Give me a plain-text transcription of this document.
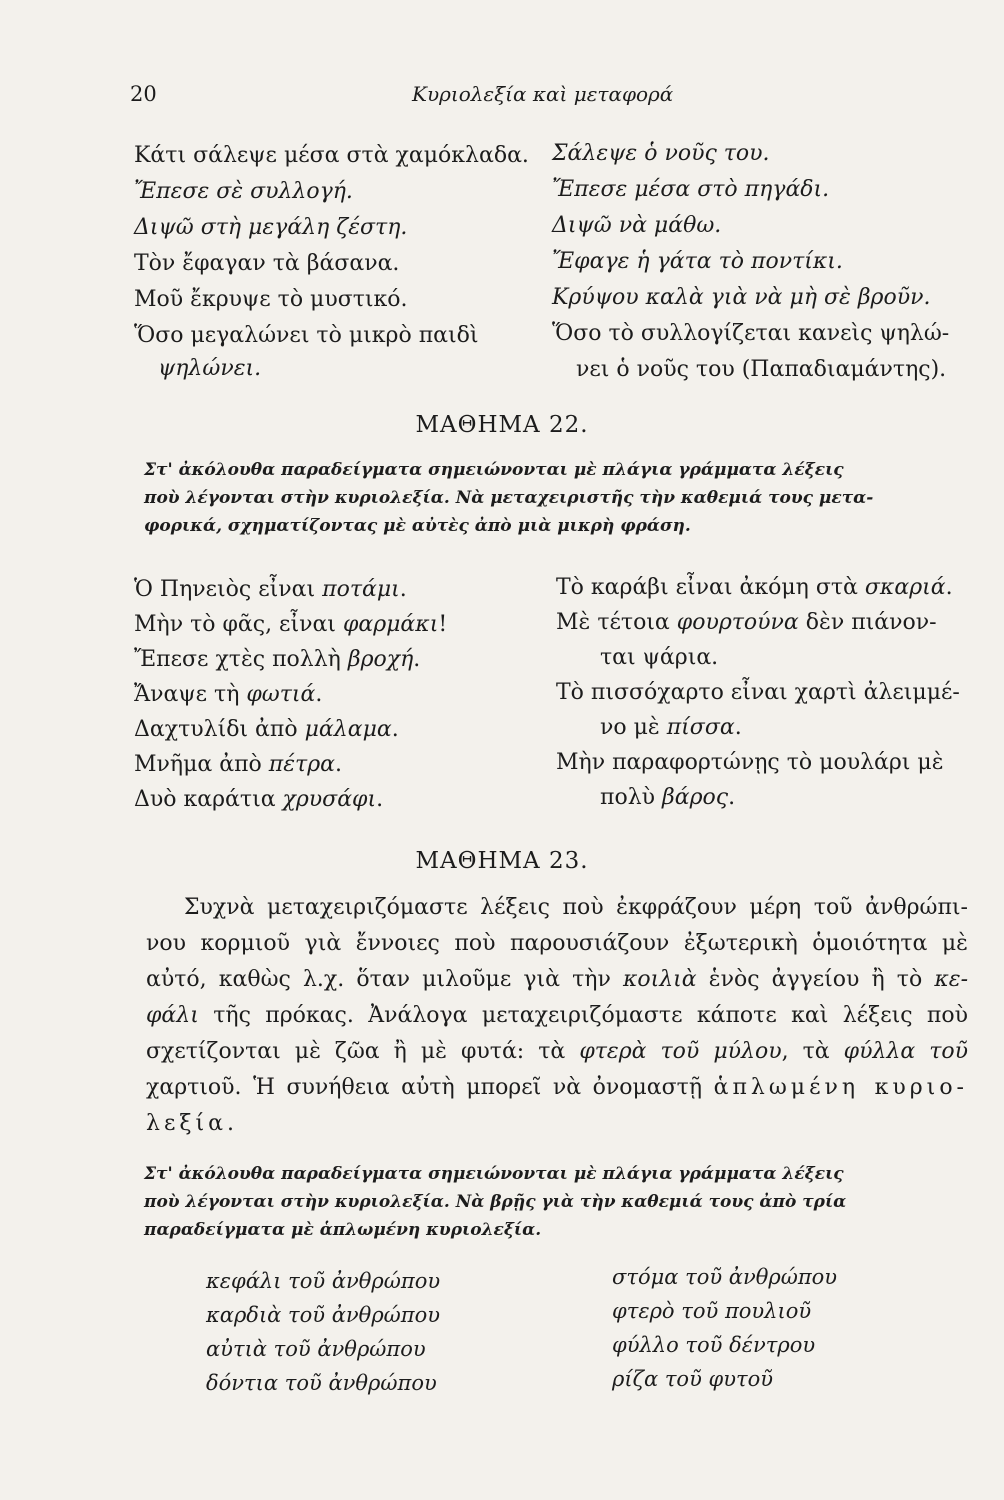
20	Κυριολεξία καὶ μεταφορά
Κάτι σάλεψε μέσα στὰ χαμόκλαδα.
Ἔπεσε σὲ συλλογή.
Διψῶ στὴ μεγάλη ζέστη.
Τὸν ἔφαγαν τὰ βάσανα.
Μοῦ ἔκρυψε τὸ μυστικό.
Ὅσο μεγαλώνει τὸ μικρὸ παιδὶ
ψηλώνει.
Σάλεψε ὁ νοῦς του.
Ἔπεσε μέσα στὸ πηγάδι.
Διψῶ νὰ μάθω.
Ἔφαγε ἡ γάτα τὸ ποντίκι.
Κρύψου καλὰ γιὰ νὰ μὴ σὲ βροῦν.
Ὅσο τὸ συλλογίζεται κανεὶς ψηλώ-
νει ὁ νοῦς του (Παπαδιαμάντης).
ΜΑΘΗΜΑ 22.
Στ' ἀκόλουθα παραδείγματα σημειώνονται μὲ πλάγια γράμματα λέξεις
ποὺ λέγονται στὴν κυριολεξία. Νὰ μεταχειριστῆς τὴν καθεμιά τους μετα-
φορικά, σχηματίζοντας μὲ αὐτὲς ἀπὸ μιὰ μικρὴ φράση.
Ὁ Πηνειὸς εἶναι ποτάμι.
Μὴν τὸ φᾶς, εἶναι φαρμάκι!
Ἔπεσε χτὲς πολλὴ βροχή.
Ἄναψε τὴ φωτιά.
Δαχτυλίδι ἀπὸ μάλαμα.
Μνῆμα ἀπὸ πέτρα.
Δυὸ καράτια χρυσάφι.
Τὸ καράβι εἶναι ἀκόμη στὰ σκαριά.
Μὲ τέτοια φουρτούνα δὲν πιάνον-
ται ψάρια.
Τὸ πισσόχαρτο εἶναι χαρτὶ ἀλειμμέ-
νο μὲ πίσσα.
Μὴν παραφορτώνῃς τὸ μουλάρι μὲ
πολὺ βάρος.
ΜΑΘΗΜΑ 23.
Συχνὰ μεταχειριζόμαστε λέξεις ποὺ ἐκφράζουν μέρη τοῦ ἀνθρώπι-
νου κορμιοῦ γιὰ ἔννοιες ποὺ παρουσιάζουν ἐξωτερικὴ ὁμοιότητα μὲ
αὐτό, καθὼς λ.χ. ὅταν μιλοῦμε γιὰ τὴν κοιλιὰ ἑνὸς ἀγγείου ἢ τὸ κε-
φάλι τῆς πρόκας. Ἀνάλογα μεταχειριζόμαστε κάποτε καὶ λέξεις ποὺ
σχετίζονται μὲ ζῶα ἢ μὲ φυτά: τὰ φτερὰ τοῦ μύλου, τὰ φύλλα τοῦ
χαρτιοῦ. Ἡ συνήθεια αὐτὴ μπορεῖ νὰ ὀνομαστῇ ἁπλωμένη κυριο-
λεξία.
Στ' ἀκόλουθα παραδείγματα σημειώνονται μὲ πλάγια γράμματα λέξεις
ποὺ λέγονται στὴν κυριολεξία. Νὰ βρῇς γιὰ τὴν καθεμιά τους ἀπὸ τρία
παραδείγματα μὲ ἁπλωμένη κυριολεξία.
κεφάλι τοῦ ἀνθρώπου
καρδιὰ τοῦ ἀνθρώπου
αὐτιὰ τοῦ ἀνθρώπου
δόντια τοῦ ἀνθρώπου
στόμα τοῦ ἀνθρώπου
φτερὸ τοῦ πουλιοῦ
φύλλο τοῦ δέντρου
ρίζα τοῦ φυτοῦ
